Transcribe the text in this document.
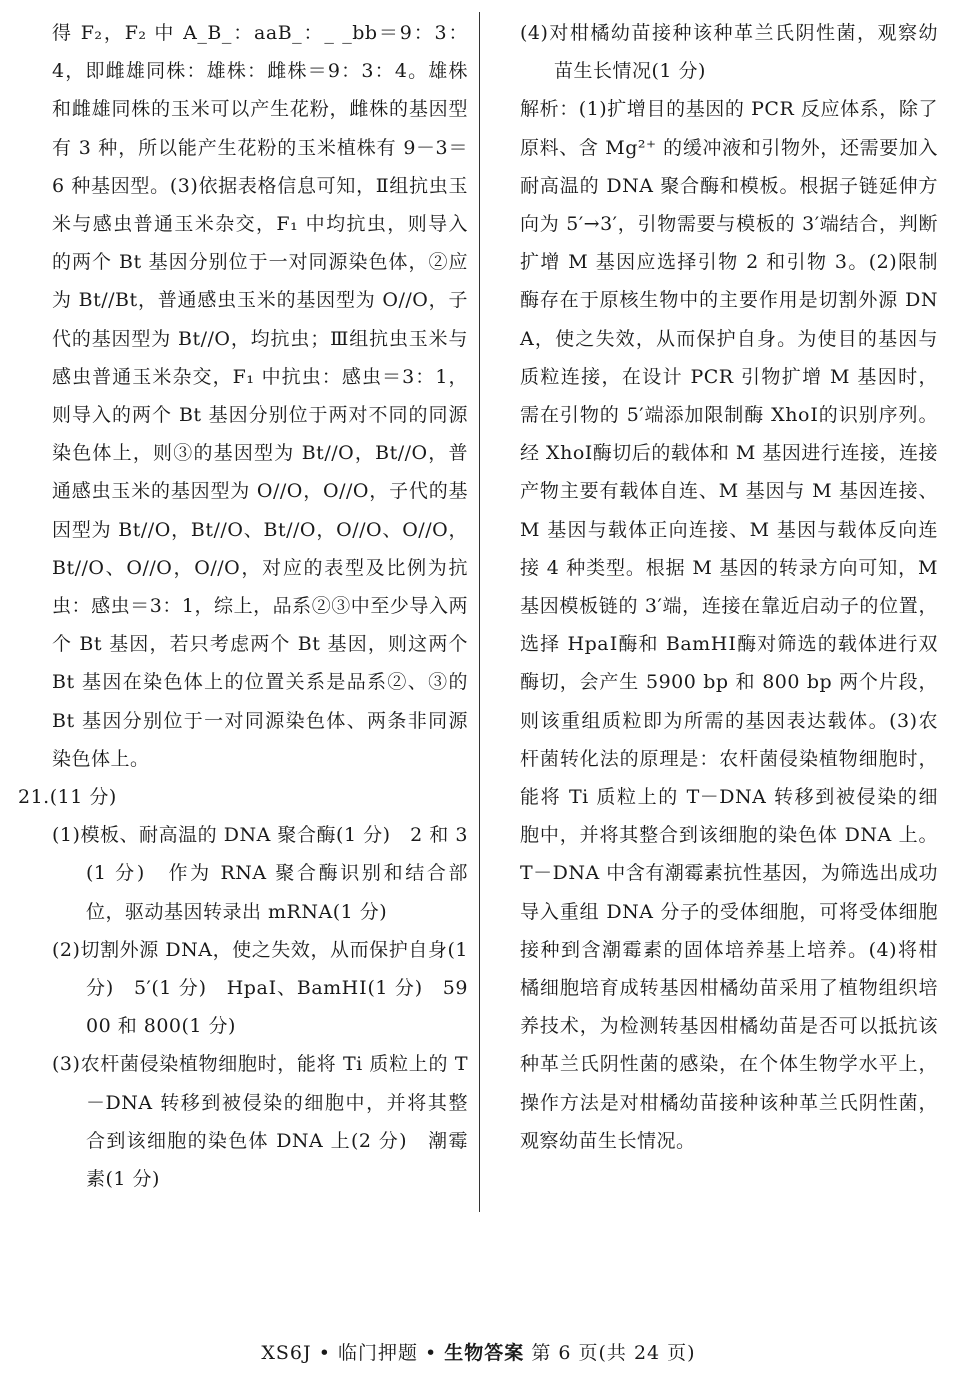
得 F₂，F₂ 中 A_B_：aaB_：_ _bb＝9：3：4，即雌雄同株：雄株：雌株＝9：3：4。雄株和雌雄同株的玉米可以产生花粉，雌株的基因型有 3 种，所以能产生花粉的玉米植株有 9－3＝6 种基因型。(3)依据表格信息可知，Ⅱ组抗虫玉米与感虫普通玉米杂交，F₁ 中均抗虫，则导入的两个 Bt 基因分别位于一对同源染色体，②应为 Bt//Bt，普通感虫玉米的基因型为 O//O，子代的基因型为 Bt//O，均抗虫；Ⅲ组抗虫玉米与感虫普通玉米杂交，F₁ 中抗虫：感虫＝3：1，则导入的两个 Bt 基因分别位于两对不同的同源染色体上，则③的基因型为 Bt//O，Bt//O，普通感虫玉米的基因型为 O//O，O//O，子代的基因型为 Bt//O，Bt//O、Bt//O，O//O、O//O，Bt//O、O//O，O//O，对应的表型及比例为抗虫：感虫＝3：1，综上，品系②③中至少导入两个 Bt 基因，若只考虑两个 Bt 基因，则这两个 Bt 基因在染色体上的位置关系是品系②、③的 Bt 基因分别位于一对同源染色体、两条非同源染色体上。

21.(11 分)

(1)模板、耐高温的 DNA 聚合酶(1 分)　2 和 3(1 分)　作为 RNA 聚合酶识别和结合部位，驱动基因转录出 mRNA(1 分)

(2)切割外源 DNA，使之失效，从而保护自身(1 分)　5′(1 分)　HpaⅠ、BamHⅠ(1 分)　5900 和 800(1 分)

(3)农杆菌侵染植物细胞时，能将 Ti 质粒上的 T－DNA 转移到被侵染的细胞中，并将其整合到该细胞的染色体 DNA 上(2 分)　潮霉素(1 分)

(4)对柑橘幼苗接种该种革兰氏阴性菌，观察幼苗生长情况(1 分)

解析：(1)扩增目的基因的 PCR 反应体系，除了原料、含 Mg²⁺ 的缓冲液和引物外，还需要加入耐高温的 DNA 聚合酶和模板。根据子链延伸方向为 5′→3′，引物需要与模板的 3′端结合，判断扩增 M 基因应选择引物 2 和引物 3。(2)限制酶存在于原核生物中的主要作用是切割外源 DNA，使之失效，从而保护自身。为使目的基因与质粒连接，在设计 PCR 引物扩增 M 基因时，需在引物的 5′端添加限制酶 XhoⅠ的识别序列。经 XhoⅠ酶切后的载体和 M 基因进行连接，连接产物主要有载体自连、M 基因与 M 基因连接、M 基因与载体正向连接、M 基因与载体反向连接 4 种类型。根据 M 基因的转录方向可知，M 基因模板链的 3′端，连接在靠近启动子的位置，选择 HpaⅠ酶和 BamHⅠ酶对筛选的载体进行双酶切，会产生 5900 bp 和 800 bp 两个片段，则该重组质粒即为所需的基因表达载体。(3)农杆菌转化法的原理是：农杆菌侵染植物细胞时，能将 Ti 质粒上的 T－DNA 转移到被侵染的细胞中，并将其整合到该细胞的染色体 DNA 上。T－DNA 中含有潮霉素抗性基因，为筛选出成功导入重组 DNA 分子的受体细胞，可将受体细胞接种到含潮霉素的固体培养基上培养。(4)将柑橘细胞培育成转基因柑橘幼苗采用了植物组织培养技术，为检测转基因柑橘幼苗是否可以抵抗该种革兰氏阴性菌的感染，在个体生物学水平上，操作方法是对柑橘幼苗接种该种革兰氏阴性菌，观察幼苗生长情况。

XS6J • 临门押题 • 生物答案 第 6 页(共 24 页)
